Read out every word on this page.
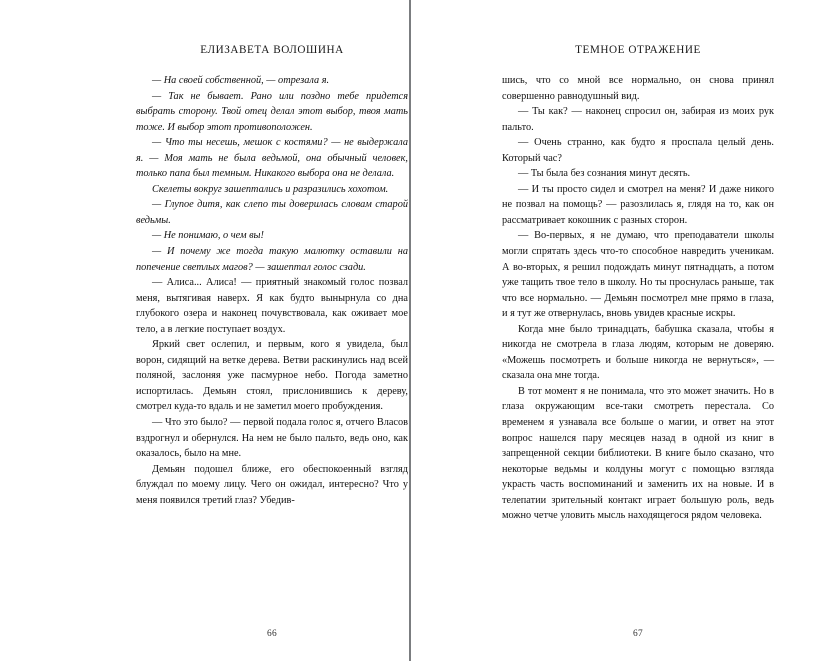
ЕЛИЗАВЕТА ВОЛОШИНА

— На своей собственной, — отрезала я.

— Так не бывает. Рано или поздно тебе придется выбрать сторону. Твой отец делал этот выбор, твоя мать тоже. И выбор этот противоположен.

— Что ты несешь, мешок с костями? — не выдержала я. — Моя мать не была ведьмой, она обычный человек, только папа был темным. Никакого выбора она не делала.

Скелеты вокруг зашептались и разразились хохотом.

— Глупое дитя, как слепо ты доверилась словам старой ведьмы.

— Не понимаю, о чем вы!

— И почему же тогда такую малютку оставили на попечение светлых магов? — зашептал голос сзади.

— Алиса... Алиса! — приятный знакомый голос позвал меня, вытягивая наверх. Я как будто вынырнула со дна глубокого озера и наконец почувствовала, как оживает мое тело, а в легкие поступает воздух.

Яркий свет ослепил, и первым, кого я увидела, был ворон, сидящий на ветке дерева. Ветви раскинулись над всей поляной, заслоняя уже пасмурное небо. Погода заметно испортилась. Демьян стоял, прислонившись к дереву, смотрел куда-то вдаль и не заметил моего пробуждения.

— Что это было? — первой подала голос я, отчего Власов вздрогнул и обернулся. На нем не было пальто, ведь оно, как оказалось, было на мне.

Демьян подошел ближе, его обеспокоенный взгляд блуждал по моему лицу. Чего он ожидал, интересно? Что у меня появился третий глаз? Убедив-

66
ТЕМНОЕ ОТРАЖЕНИЕ

шись, что со мной все нормально, он снова принял совершенно равнодушный вид.

— Ты как? — наконец спросил он, забирая из моих рук пальто.

— Очень странно, как будто я проспала целый день. Который час?

— Ты была без сознания минут десять.

— И ты просто сидел и смотрел на меня? И даже никого не позвал на помощь? — разозлилась я, глядя на то, как он рассматривает кокошник с разных сторон.

— Во-первых, я не думаю, что преподаватели школы могли спрятать здесь что-то способное навредить ученикам. А во-вторых, я решил подождать минут пятнадцать, а потом уже тащить твое тело в школу. Но ты проснулась раньше, так что все нормально. — Демьян посмотрел мне прямо в глаза, и я тут же отвернулась, вновь увидев красные искры.

Когда мне было тринадцать, бабушка сказала, чтобы я никогда не смотрела в глаза людям, которым не доверяю. «Можешь посмотреть и больше никогда не вернуться», — сказала она мне тогда.

В тот момент я не понимала, что это может значить. Но в глаза окружающим все-таки смотреть перестала. Со временем я узнавала все больше о магии, и ответ на этот вопрос нашелся пару месяцев назад в одной из книг в запрещенной секции библиотеки. В книге было сказано, что некоторые ведьмы и колдуны могут с помощью взгляда украсть часть воспоминаний и заменить их на новые. И в телепатии зрительный контакт играет большую роль, ведь можно четче уловить мысль находящегося рядом человека.

67
